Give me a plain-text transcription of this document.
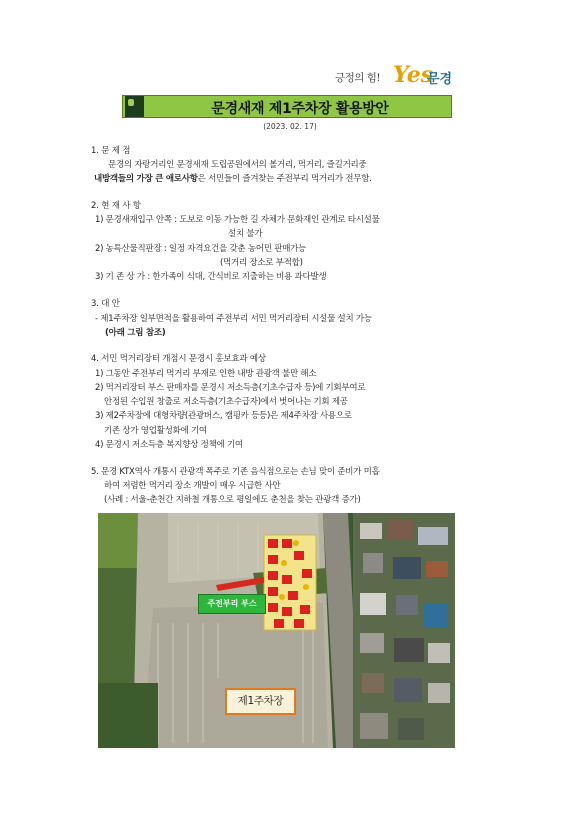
긍정의 힘! Yes
문경
문경새재 제1주차장 활용방안
(2023. 02. 17)
1. 문 제 점
문경의 자랑거리인 문경새재 도립공원에서의 볼거리, 먹거리, 즐길거리중
내방객들의 가장 큰 애로사항은 서민들이 즐겨찾는 주전부리 먹거리가 전무함.
2. 현 재 사 항
1) 문경새재입구 안쪽 : 도보로 이동 가능한 길 자체가 문화재인 관계로 타시설물
설치 불가
2) 농특산물직판장 : 일정 자격요건을 갖춘 농어민 판매가능
(먹거리 장소로 부적합)
3) 기 존 상 가 : 한가족이 식대, 간식비로 지출하는 비용 과다발생
3. 대 안
- 제1주차장 일부면적을 활용하여 주전부리 서민 먹거리장터 시설물 설치 가능
(아래 그림 참조)
4. 서민 먹거리장터 개점시 문경시 홍보효과 예상
1) 그동안 주전부리 먹거리 부재로 인한 내방 관광객 불만 해소
2) 먹거리장터 부스 판매자를 문경시 저소득층(기초수급자 등)에 기회부여로
안정된 수입원 창출로 저소득층(기초수급자)에서 벗어나는 기회 제공
3) 제2주차장에 대형차량(관광버스, 캠핑카 등등)은 제4주차장 사용으로
기존 상가 영업활성화에 기여
4) 문경시 저소득층 복지향상 정책에 기여
5. 문경 KTX역사 개통시 관광객 폭주로 기존 음식점으로는 손님 맞이 준비가 미흡
하여 저렴한 먹거리 장소 개발이 매우 시급한 사안
(사례 : 서울-춘천간 지하철 개통으로 평일에도 춘천을 찾는 관광객 증가)
주전부리 부스
제1주차장
